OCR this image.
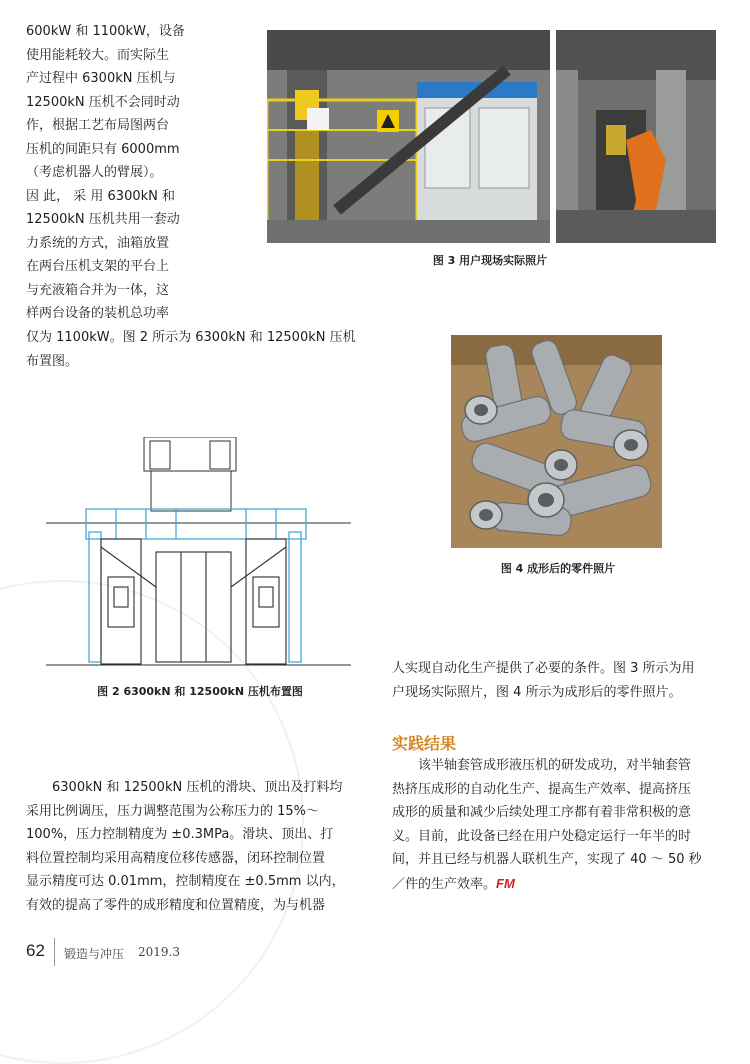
600kW 和 1100kW，设备

使用能耗较大。而实际生

产过程中 6300kN 压机与

12500kN 压机不会同时动

作，根据工艺布局图两台

压机的间距只有 6000mm

（考虑机器人的臂展）。

因 此， 采 用 6300kN 和

12500kN 压机共用一套动

力系统的方式，油箱放置

在两台压机支架的平台上

与充液箱合并为一体，这

样两台设备的装机总功率

仅为 1100kW。图 2 所示为 6300kN 和 12500kN 压机

布置图。

图 3 用户现场实际照片
图 4 成形后的零件照片
图 2 6300kN 和 12500kN 压机布置图

6300kN 和 12500kN 压机的滑块、顶出及打料均

采用比例调压，压力调整范围为公称压力的 15%～

100%，压力控制精度为 ±0.3MPa。滑块、顶出、打

料位置控制均采用高精度位移传感器，闭环控制位置

显示精度可达 0.01mm，控制精度在 ±0.5mm 以内，

有效的提高了零件的成形精度和位置精度，为与机器

人实现自动化生产提供了必要的条件。图 3 所示为用

户现场实际照片，图 4 所示为成形后的零件照片。

实践结果

该半轴套管成形液压机的研发成功，对半轴套管

热挤压成形的自动化生产、提高生产效率、提高挤压

成形的质量和减少后续处理工序都有着非常积极的意

义。目前，此设备已经在用户处稳定运行一年半的时

间，并且已经与机器人联机生产，实现了 40 ～ 50 秒

／件的生产效率。FM

62 锻造与冲压 2019.3
